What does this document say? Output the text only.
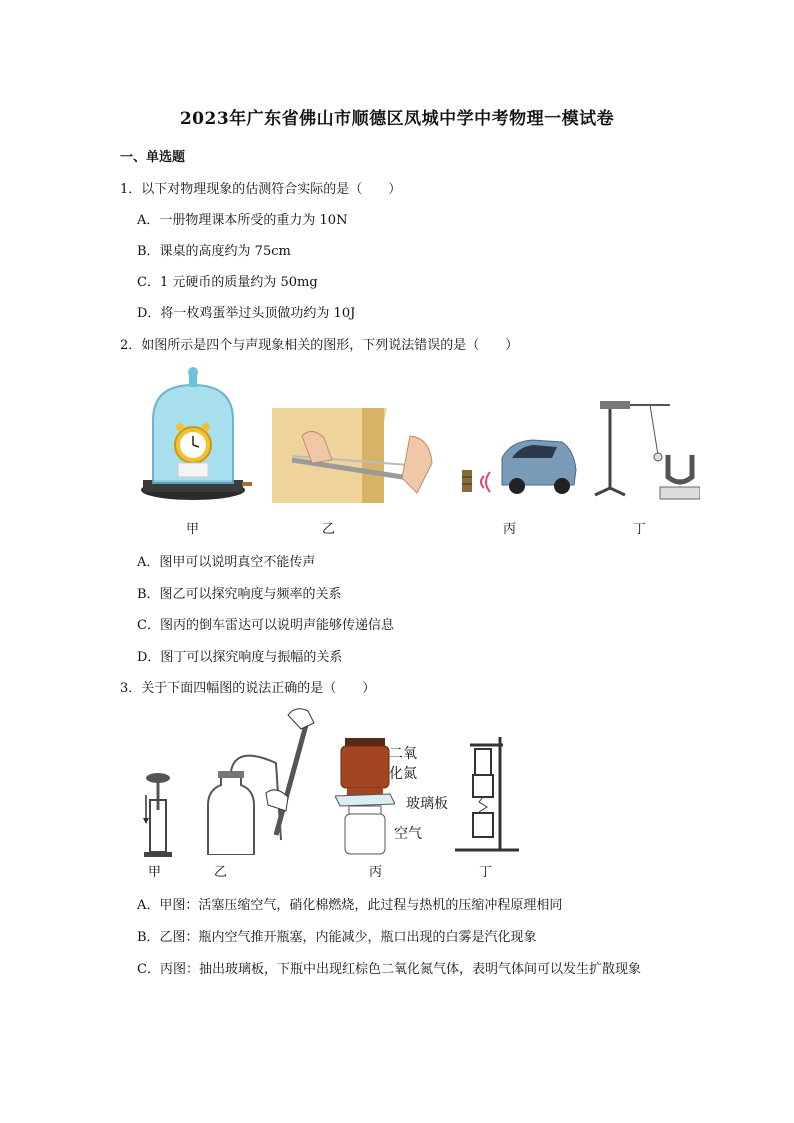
2023年广东省佛山市顺德区凤城中学中考物理一模试卷
一、单选题
1．以下对物理现象的估测符合实际的是（　　）
A．一册物理课本所受的重力为 10N
B．课桌的高度约为 75cm
C．1 元硬币的质量约为 50mg
D．将一枚鸡蛋举过头顶做功约为 10J
2．如图所示是四个与声现象相关的图形，下列说法错误的是（　　）
甲	乙	丙	丁
A．图甲可以说明真空不能传声
B．图乙可以探究响度与频率的关系
C．图丙的倒车雷达可以说明声能够传递信息
D．图丁可以探究响度与振幅的关系
3．关于下面四幅图的说法正确的是（　　）
二氧
化氮
玻璃板
空气
甲	乙	丙	丁
A．甲图：活塞压缩空气，硝化棉燃烧，此过程与热机的压缩冲程原理相同
B．乙图：瓶内空气推开瓶塞，内能减少，瓶口出现的白雾是汽化现象
C．丙图：抽出玻璃板，下瓶中出现红棕色二氧化氮气体，表明气体间可以发生扩散现象
